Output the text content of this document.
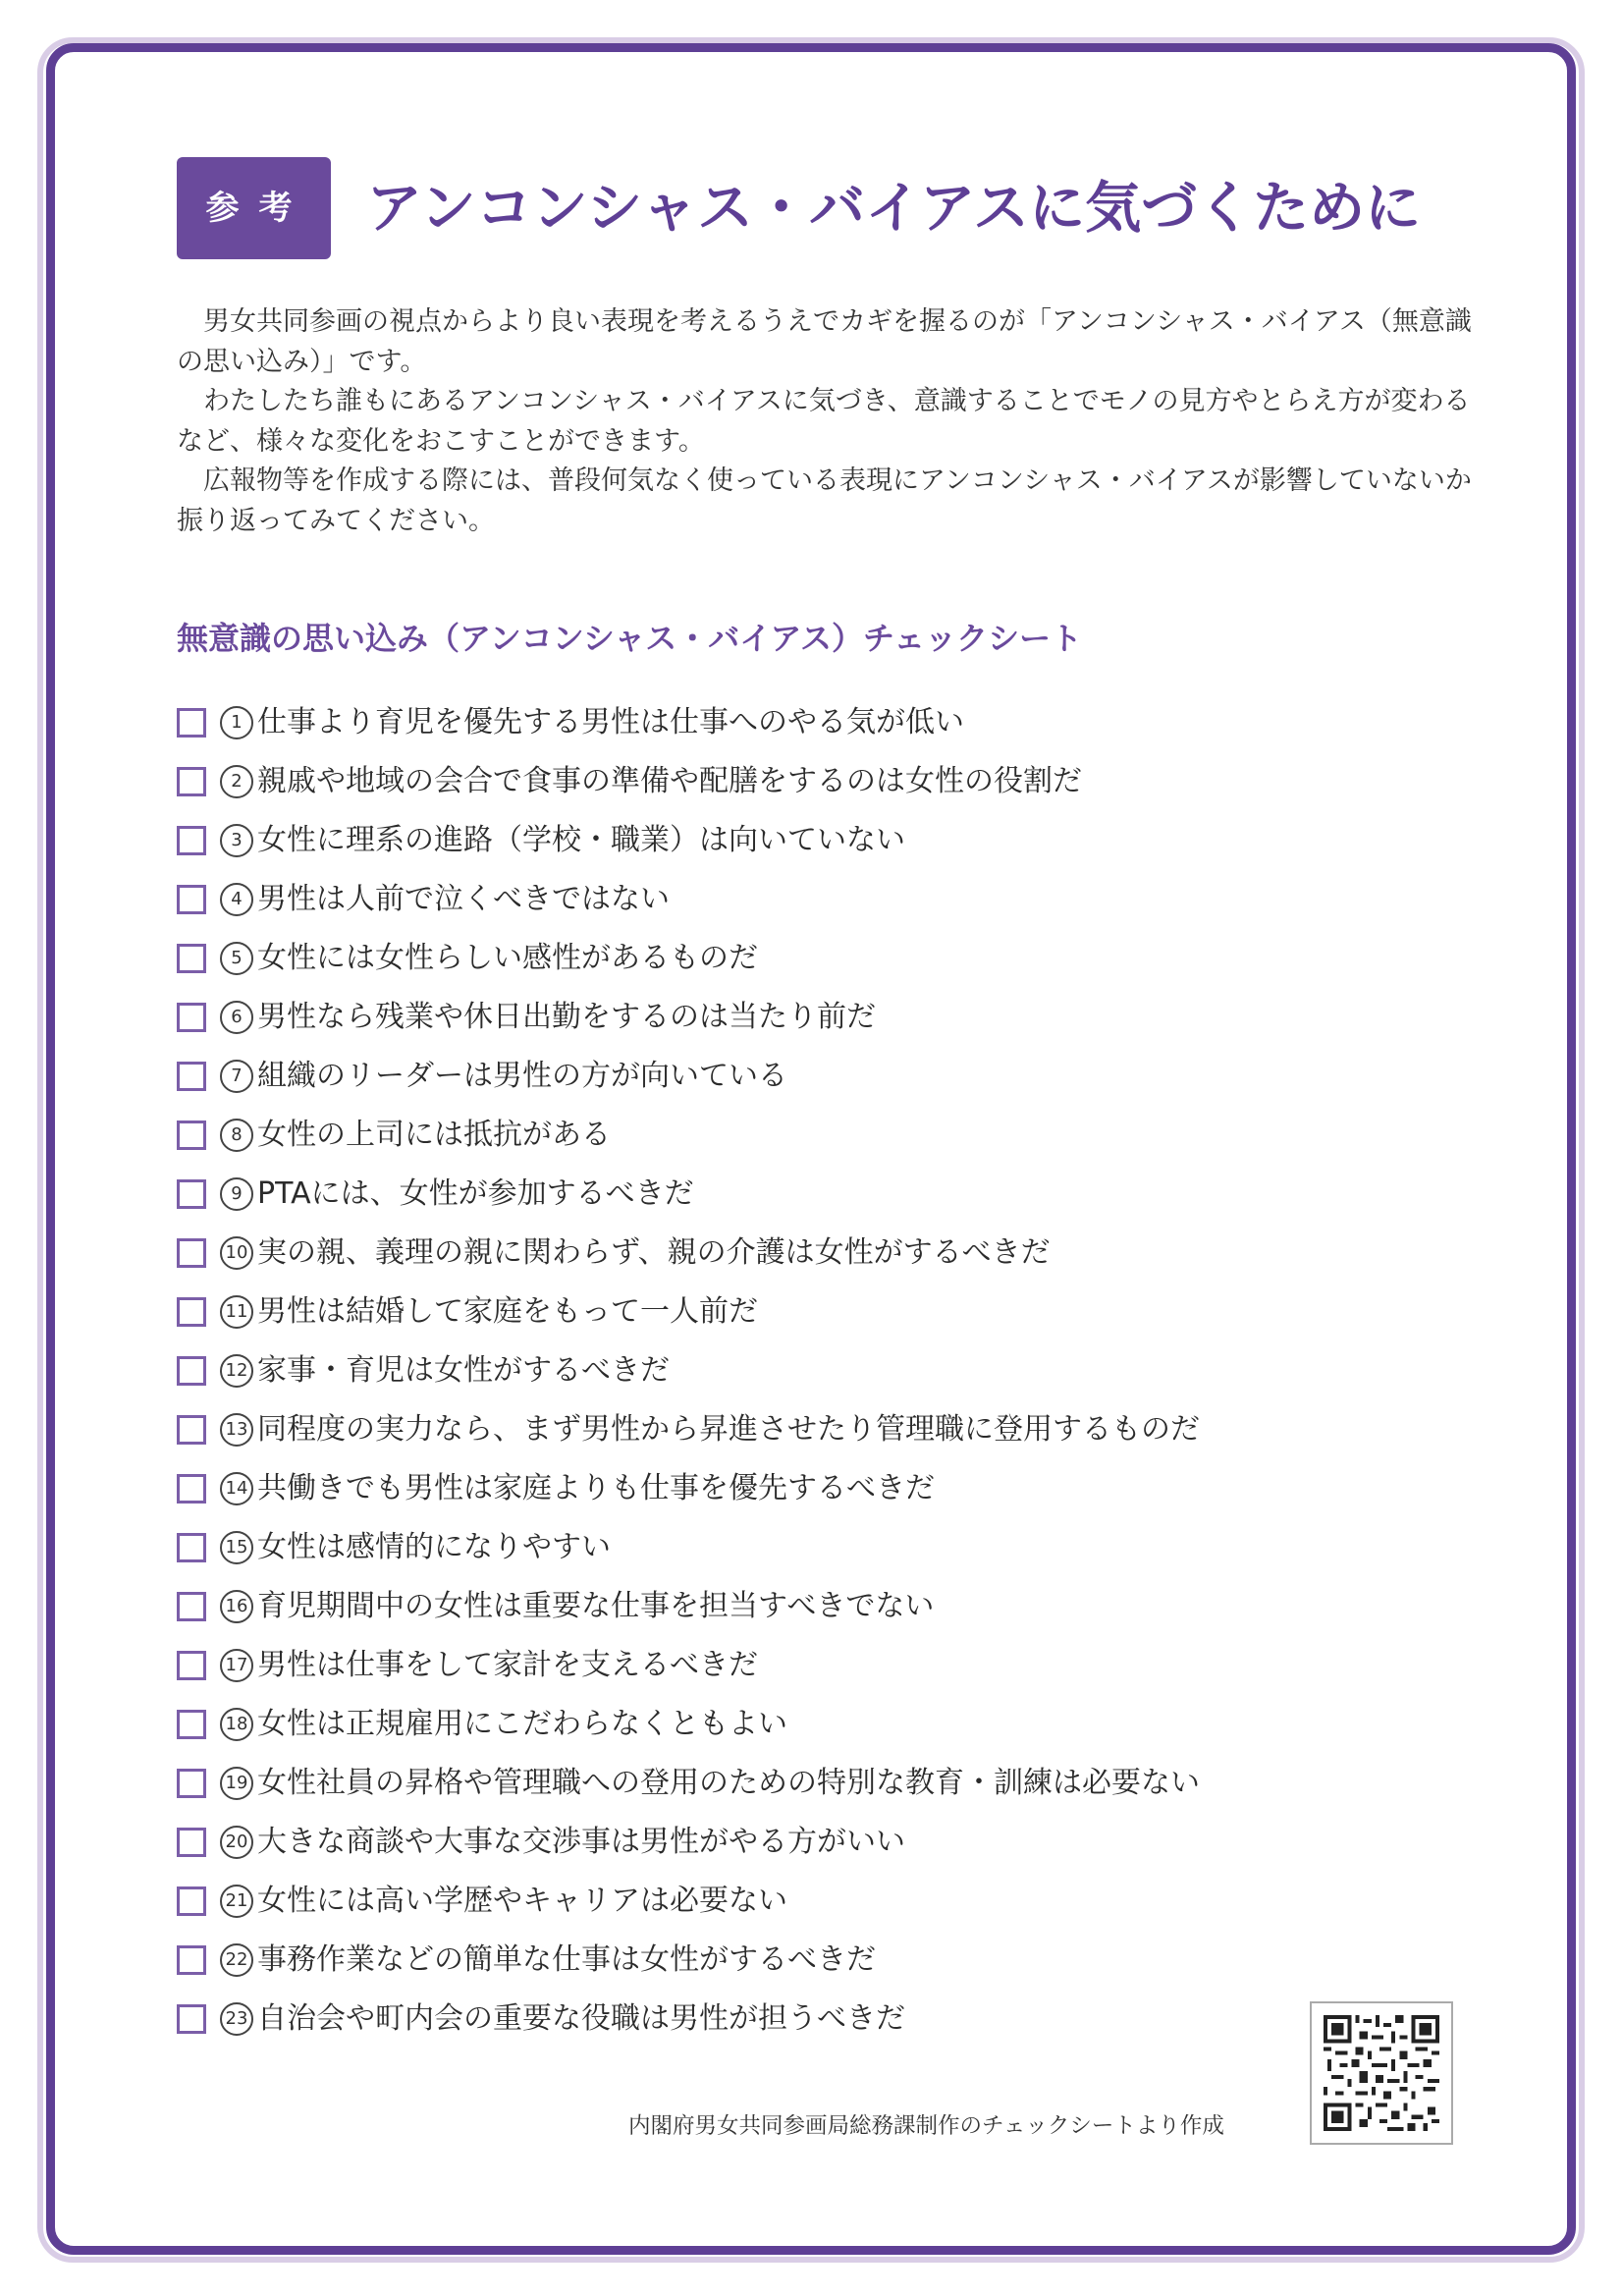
参考 アンコンシャス・バイアスに気づくために

男女共同参画の視点からより良い表現を考えるうえでカギを握るのが「アンコンシャス・バイアス（無意識の思い込み）」です。

わたしたち誰もにあるアンコンシャス・バイアスに気づき、意識することでモノの見方やとらえ方が変わるなど、様々な変化をおこすことができます。

広報物等を作成する際には、普段何気なく使っている表現にアンコンシャス・バイアスが影響していないか振り返ってみてください。

無意識の思い込み（アンコンシャス・バイアス）チェックシート
1 仕事より育児を優先する男性は仕事へのやる気が低い
2 親戚や地域の会合で食事の準備や配膳をするのは女性の役割だ
3 女性に理系の進路（学校・職業）は向いていない
4 男性は人前で泣くべきではない
5 女性には女性らしい感性があるものだ
6 男性なら残業や休日出勤をするのは当たり前だ
7 組織のリーダーは男性の方が向いている
8 女性の上司には抵抗がある
9 PTAには、女性が参加するべきだ
10 実の親、義理の親に関わらず、親の介護は女性がするべきだ
11 男性は結婚して家庭をもって一人前だ
12 家事・育児は女性がするべきだ
13 同程度の実力なら、まず男性から昇進させたり管理職に登用するものだ
14 共働きでも男性は家庭よりも仕事を優先するべきだ
15 女性は感情的になりやすい
16 育児期間中の女性は重要な仕事を担当すべきでない
17 男性は仕事をして家計を支えるべきだ
18 女性は正規雇用にこだわらなくともよい
19 女性社員の昇格や管理職への登用のための特別な教育・訓練は必要ない
20 大きな商談や大事な交渉事は男性がやる方がいい
21 女性には高い学歴やキャリアは必要ない
22 事務作業などの簡単な仕事は女性がするべきだ
23 自治会や町内会の重要な役職は男性が担うべきだ
内閣府男女共同参画局総務課制作のチェックシートより作成
